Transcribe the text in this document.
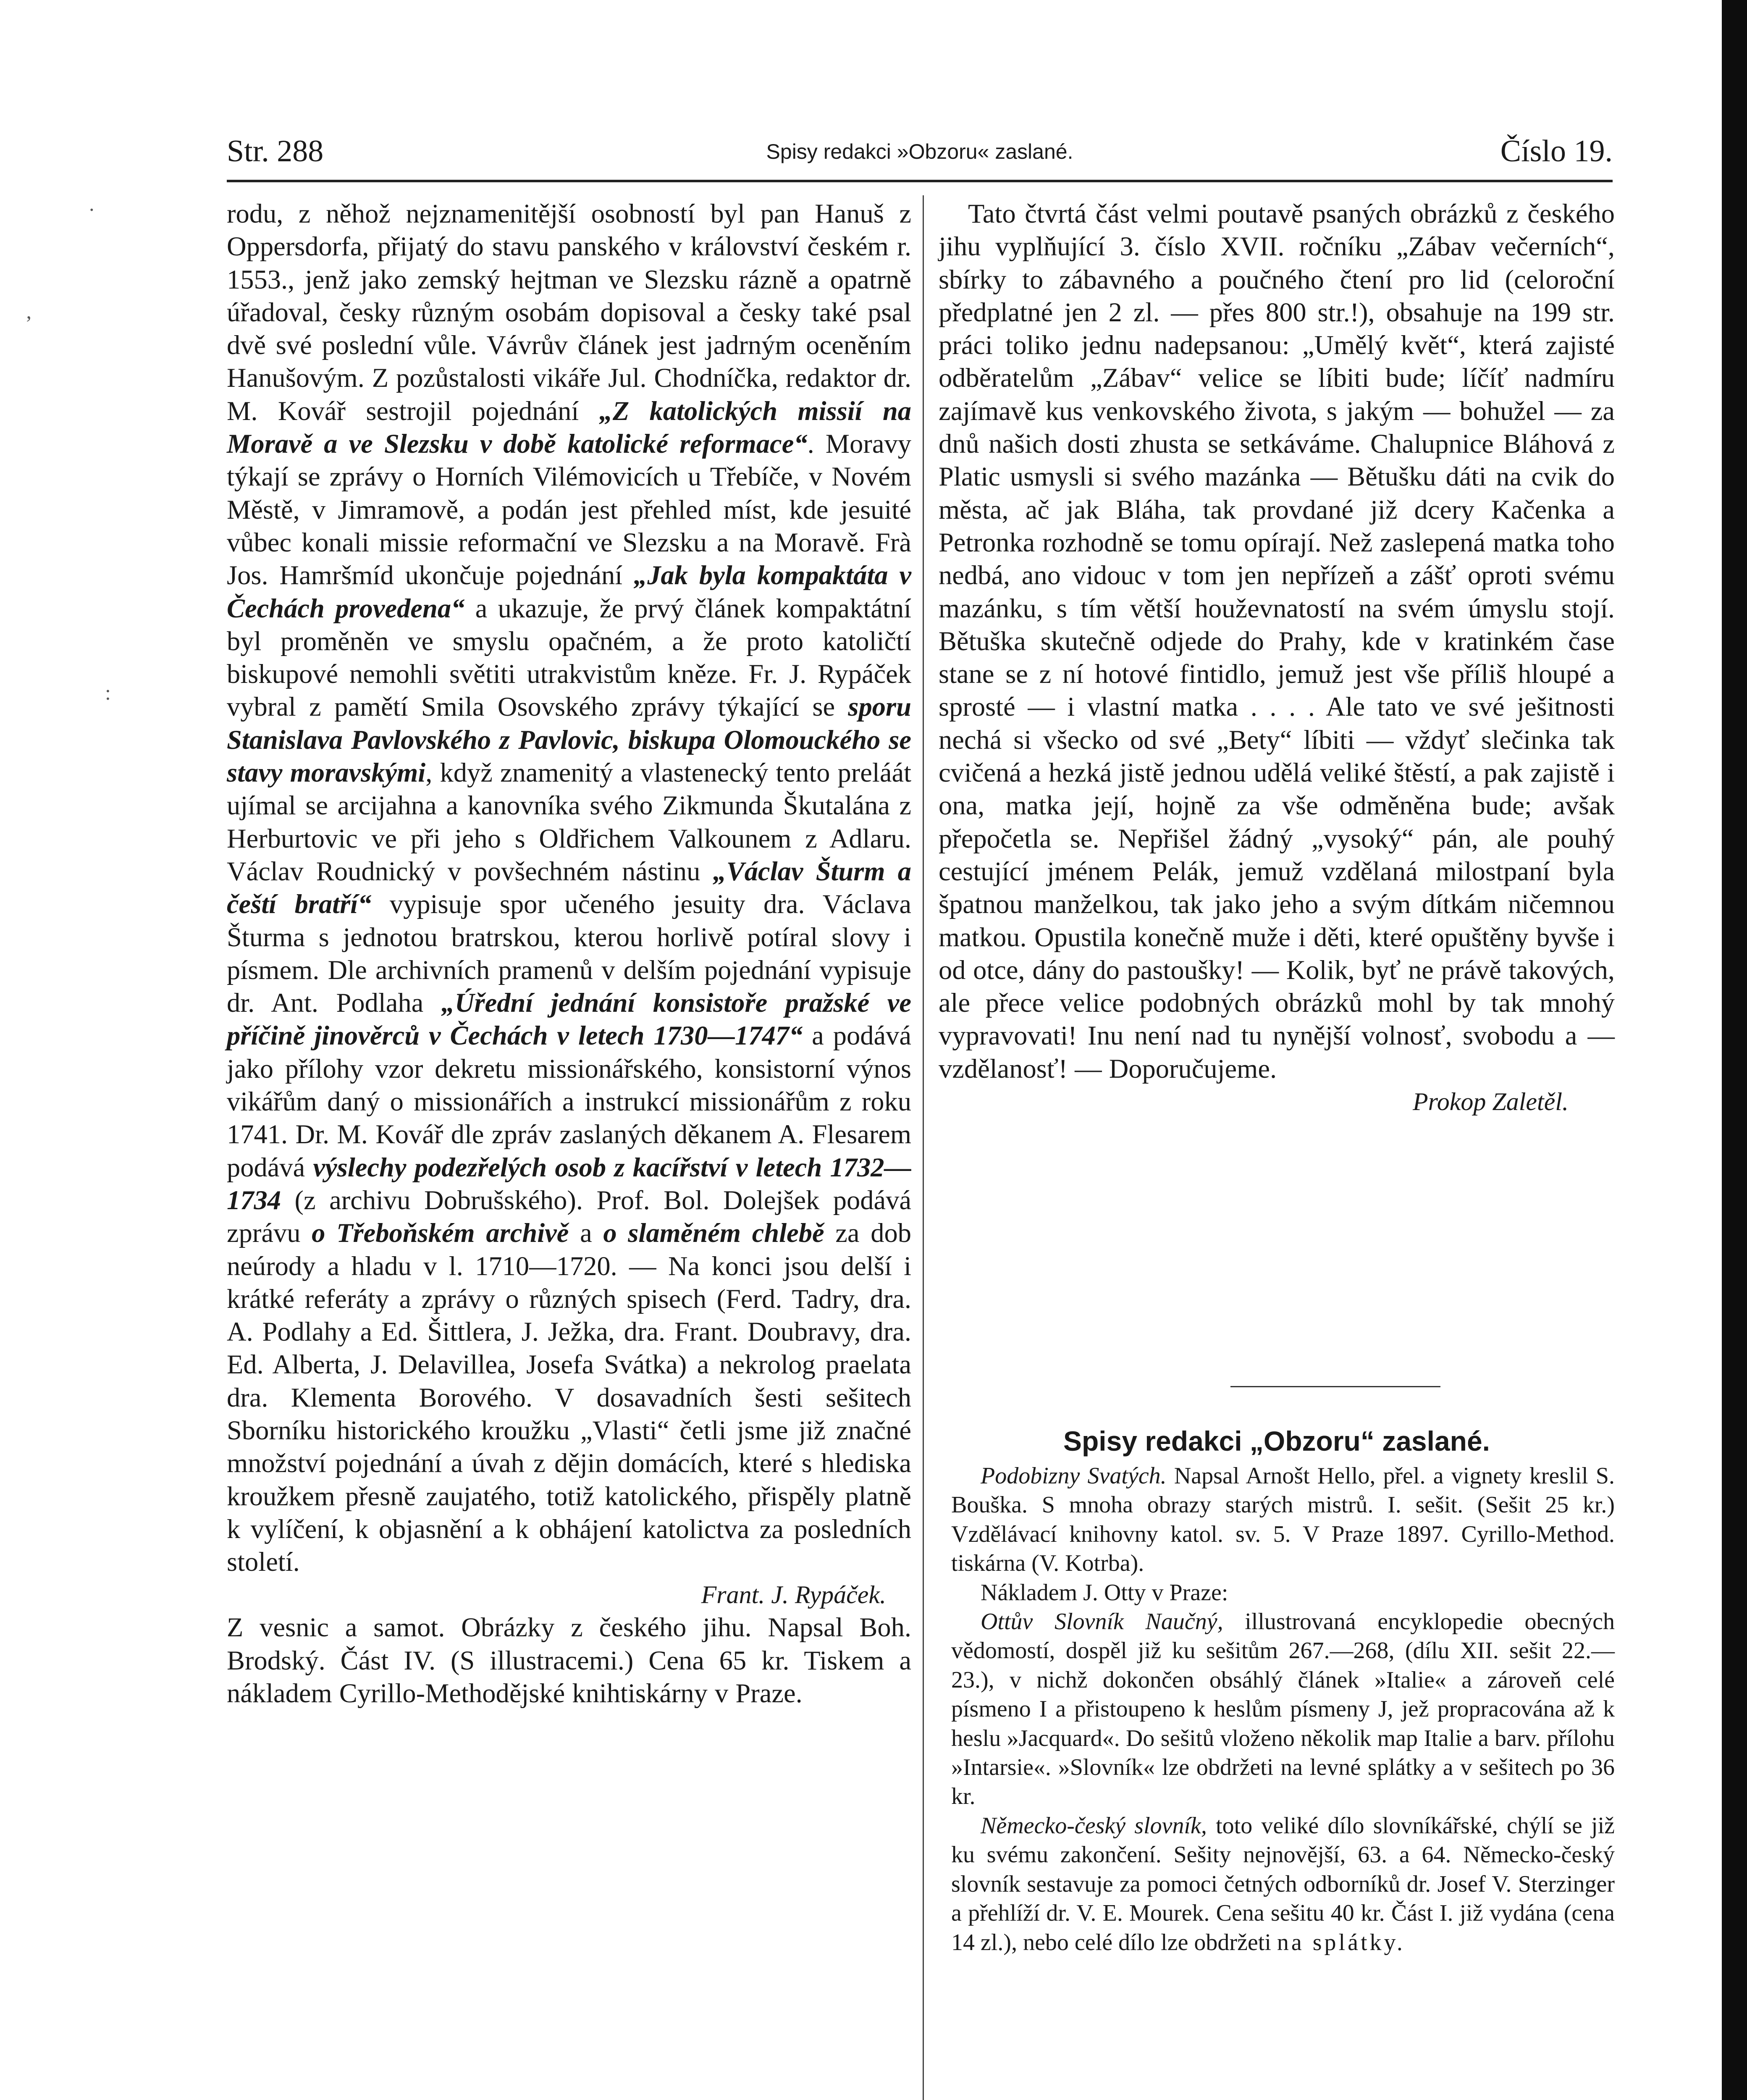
·
ʼ
:
Str. 288	Spisy redakci »Obzoru« zaslané.	Číslo 19.

rodu, z něhož nejznamenitější osobností byl pan Hanuš z Oppersdorfa, přijatý do stavu panského v království českém r. 1553., jenž jako zemský hejtman ve Slezsku rázně a opatrně úřadoval, česky různým osobám dopisoval a česky také psal dvě své poslední vůle. Vávrův článek jest jadrným oceněním Hanušovým. Z pozůstalosti vikáře Jul. Chodníčka, redaktor dr. M. Kovář sestrojil pojednání „Z katolických missií na Moravě a ve Slezsku v době katolické reformace“. Moravy týkají se zprávy o Horních Vilémovicích u Třebíče, v Novém Městě, v Jimramově, a podán jest přehled míst, kde jesuité vůbec konali missie reformační ve Slezsku a na Moravě. Frà Jos. Hamršmíd ukončuje pojednání „Jak byla kompaktáta v Čechách provedena“ a ukazuje, že prvý článek kompaktátní byl proměněn ve smyslu opačném, a že proto katoličtí biskupové nemohli světiti utrakvistům kněze. Fr. J. Rypáček vybral z pamětí Smila Osovského zprávy týkající se sporu Stanislava Pavlovského z Pavlovic, biskupa Olomouckého se stavy moravskými, když znamenitý a vlastenecký tento preláát ujímal se arcijahna a kanovníka svého Zikmunda Škutalána z Herburtovic ve při jeho s Oldřichem Valkounem z Adlaru. Václav Roudnický v povšechném nástinu „Václav Šturm a čeští bratří“ vypisuje spor učeného jesuity dra. Václava Šturma s jednotou bratrskou, kterou horlivě potíral slovy i písmem. Dle archivních pramenů v delším pojednání vypisuje dr. Ant. Podlaha „Úřední jednání konsistoře pražské ve příčině jinověrců v Čechách v letech 1730—1747“ a podává jako přílohy vzor dekretu missionářského, konsistorní výnos vikářům daný o missionářích a instrukcí missionářům z roku 1741. Dr. M. Kovář dle zpráv zaslaných děkanem A. Flesarem podává výslechy podezřelých osob z kacířství v letech 1732—1734 (z archivu Dobrušského). Prof. Bol. Dolejšek podává zprávu o Třeboňském archivě a o slaměném chlebě za dob neúrody a hladu v l. 1710—1720. — Na konci jsou delší i krátké referáty a zprávy o různých spisech (Ferd. Tadry, dra. A. Podlahy a Ed. Šittlera, J. Ježka, dra. Frant. Doubravy, dra. Ed. Alberta, J. Delavillea, Josefa Svátka) a nekrolog praelata dra. Klementa Borového. V dosavadních šesti sešitech Sborníku historického kroužku „Vlasti“ četli jsme již značné množství pojednání a úvah z dějin domácích, které s hlediska kroužkem přesně zaujatého, totiž katolického, přispěly platně k vylíčení, k objasnění a k obhájení katolictva za posledních století.

Frant. J. Rypáček.

Z vesnic a samot. Obrázky z českého jihu. Napsal Boh. Brodský. Část IV. (S illustracemi.) Cena 65 kr. Tiskem a nákladem Cyrillo-Methodějské knihtiskárny v Praze.

Tato čtvrtá část velmi poutavě psaných obrázků z českého jihu vyplňující 3. číslo XVII. ročníku „Zábav večerních“, sbírky to zábavného a poučného čtení pro lid (celoroční předplatné jen 2 zl. — přes 800 str.!), obsahuje na 199 str. práci toliko jednu nadepsanou: „Umělý květ“, která zajisté odběratelům „Zábav“ velice se líbiti bude; líčíť nadmíru zajímavě kus venkovského života, s jakým — bohužel — za dnů našich dosti zhusta se setkáváme. Chalupnice Bláhová z Platic usmysli si svého mazánka — Bětušku dáti na cvik do města, ač jak Bláha, tak provdané již dcery Kačenka a Petronka rozhodně se tomu opírají. Než zaslepená matka toho nedbá, ano vidouc v tom jen nepřízeň a zášť oproti svému mazánku, s tím větší houževnatostí na svém úmyslu stojí. Bětuška skutečně odjede do Prahy, kde v kratinkém čase stane se z ní hotové fintidlo, jemuž jest vše příliš hloupé a sprosté — i vlastní matka . . . . Ale tato ve své ješitnosti nechá si všecko od své „Bety“ líbiti — vždyť slečinka tak cvičená a hezká jistě jednou udělá veliké štěstí, a pak zajistě i ona, matka její, hojně za vše odměněna bude; avšak přepočetla se. Nepřišel žádný „vysoký“ pán, ale pouhý cestující jménem Pelák, jemuž vzdělaná milostpaní byla špatnou manželkou, tak jako jeho a svým dítkám ničemnou matkou. Opustila konečně muže i děti, které opuštěny byvše i od otce, dány do pastoušky! — Kolik, byť ne právě takových, ale přece velice podobných obrázků mohl by tak mnohý vypravovati! Inu není nad tu nynější volnosť, svobodu a — vzdělanosť! — Doporučujeme.

Prokop Zaletěl.

Spisy redakci „Obzoru“ zaslané.

Podobizny Svatých. Napsal Arnošt Hello, přel. a vignety kreslil S. Bouška. S mnoha obrazy starých mistrů. I. sešit. (Sešit 25 kr.) Vzdělávací knihovny katol. sv. 5. V Praze 1897. Cyrillo-Method. tiskárna (V. Kotrba).

Nákladem J. Otty v Praze:

Ottův Slovník Naučný, illustrovaná encyklopedie obecných vědomostí, dospěl již ku sešitům 267.—268, (dílu XII. sešit 22.—23.), v nichž dokončen obsáhlý článek »Italie« a zároveň celé písmeno I a přistoupeno k heslům písmeny J, jež propracována až k heslu »Jacquard«. Do sešitů vloženo několik map Italie a barv. přílohu »Intarsie«. »Slovník« lze obdržeti na levné splátky a v sešitech po 36 kr.

Německo-český slovník, toto veliké dílo slovníkářské, chýlí se již ku svému zakončení. Sešity nejnovější, 63. a 64. Německo-český slovník sestavuje za pomoci četných odborníků dr. Josef V. Sterzinger a přehlíží dr. V. E. Mourek. Cena sešitu 40 kr. Část I. již vydána (cena 14 zl.), nebo celé dílo lze obdržeti na splátky.
